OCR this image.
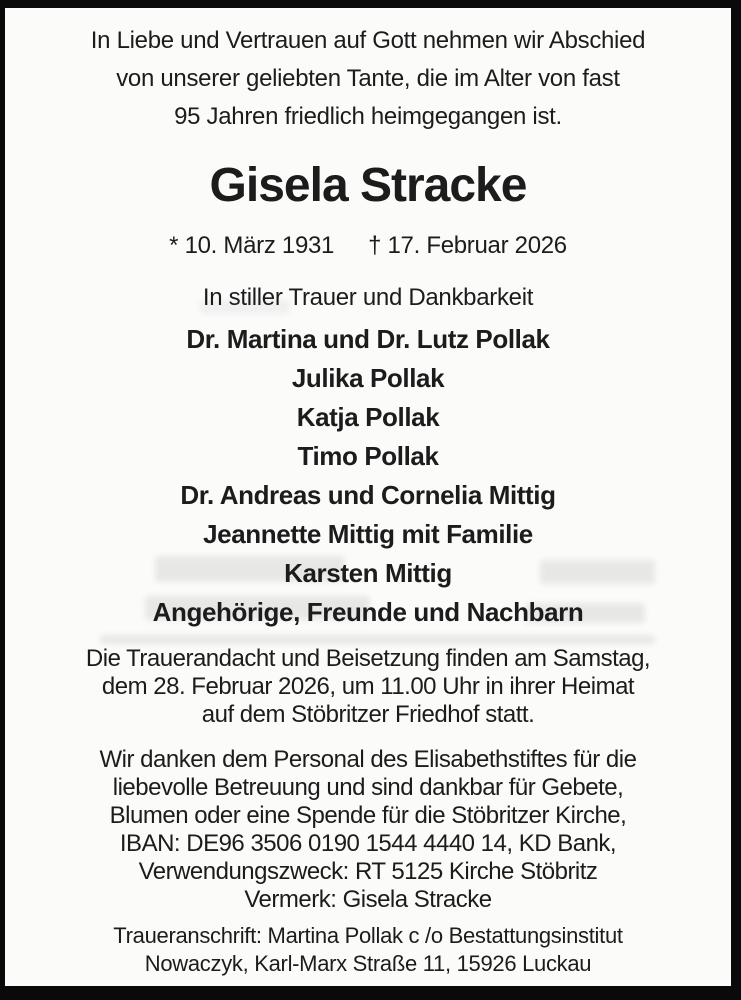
In Liebe und Vertrauen auf Gott nehmen wir Abschied
von unserer geliebten Tante, die im Alter von fast
95 Jahren friedlich heimgegangen ist.
Gisela Stracke
* 10. März 1931 † 17. Februar 2026
In stiller Trauer und Dankbarkeit
Dr. Martina und Dr. Lutz Pollak
Julika Pollak
Katja Pollak
Timo Pollak
Dr. Andreas und Cornelia Mittig
Jeannette Mittig mit Familie
Karsten Mittig
Angehörige, Freunde und Nachbarn
Die Trauerandacht und Beisetzung finden am Samstag,
dem 28. Februar 2026, um 11.00 Uhr in ihrer Heimat
auf dem Stöbritzer Friedhof statt.
Wir danken dem Personal des Elisabethstiftes für die
liebevolle Betreuung und sind dankbar für Gebete,
Blumen oder eine Spende für die Stöbritzer Kirche,
IBAN: DE96 3506 0190 1544 4440 14, KD Bank,
Verwendungszweck: RT 5125 Kirche Stöbritz
Vermerk: Gisela Stracke
Traueranschrift: Martina Pollak c /o Bestattungsinstitut
Nowaczyk, Karl-Marx Straße 11, 15926 Luckau
